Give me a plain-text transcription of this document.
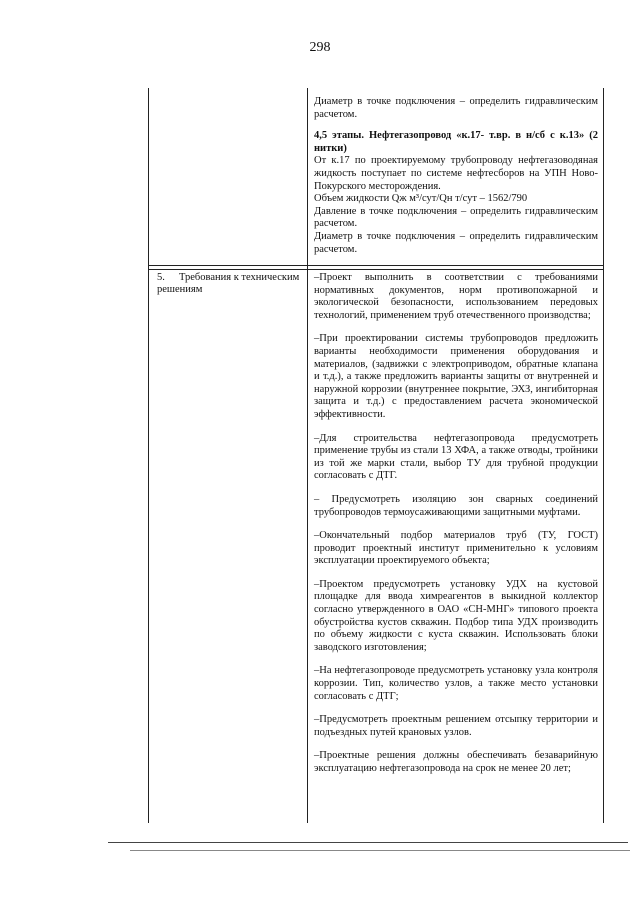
298

Диаметр в точке подключения – определить гидравлическим расчетом.

4,5 этапы. Нефтегазопровод «к.17- т.вр. в н/сб с к.13» (2 нитки)

От к.17 по проектируемому трубопроводу нефтегазоводяная жидкость поступает по системе нефтесборов на УПН Ново-Покурского месторождения.

Объем жидкости Qж м³/сут/Qн т/сут – 1562/790

Давление в точке подключения – определить гидравлическим расчетом.

Диаметр в точке подключения – определить гидравлическим расчетом.

5. Требования к техническим решениям

–Проект выполнить в соответствии с требованиями нормативных документов, норм противопожарной и экологической безопасности, использованием передовых технологий, применением труб отечественного производства;

–При проектировании системы трубопроводов предложить варианты необходимости применения оборудования и материалов, (задвижки с электроприводом, обратные клапана и т.д.), а также предложить варианты защиты от внутренней и наружной коррозии (внутреннее покрытие, ЭХЗ, ингибиторная защита и т.д.) с предоставлением расчета экономической эффективности.

–Для строительства нефтегазопровода предусмотреть применение трубы из стали 13 ХФА, а также отводы, тройники из той же марки стали, выбор ТУ для трубной продукции согласовать с ДТГ.

– Предусмотреть изоляцию зон сварных соединений трубопроводов термоусаживающими защитными муфтами.

–Окончательный подбор материалов труб (ТУ, ГОСТ) проводит проектный институт применительно к условиям эксплуатации проектируемого объекта;

–Проектом предусмотреть установку УДХ на кустовой площадке для ввода химреагентов в выкидной коллектор согласно утвержденного в ОАО «СН-МНГ» типового проекта обустройства кустов скважин. Подбор типа УДХ производить по объему жидкости с куста скважин. Использовать блоки заводского изготовления;

–На нефтегазопроводе предусмотреть установку узла контроля коррозии. Тип, количество узлов, а также место установки согласовать с ДТГ;

–Предусмотреть проектным решением отсыпку территории и подъездных путей крановых узлов.

–Проектные решения должны обеспечивать безаварийную эксплуатацию нефтегазопровода на срок не менее 20 лет;
